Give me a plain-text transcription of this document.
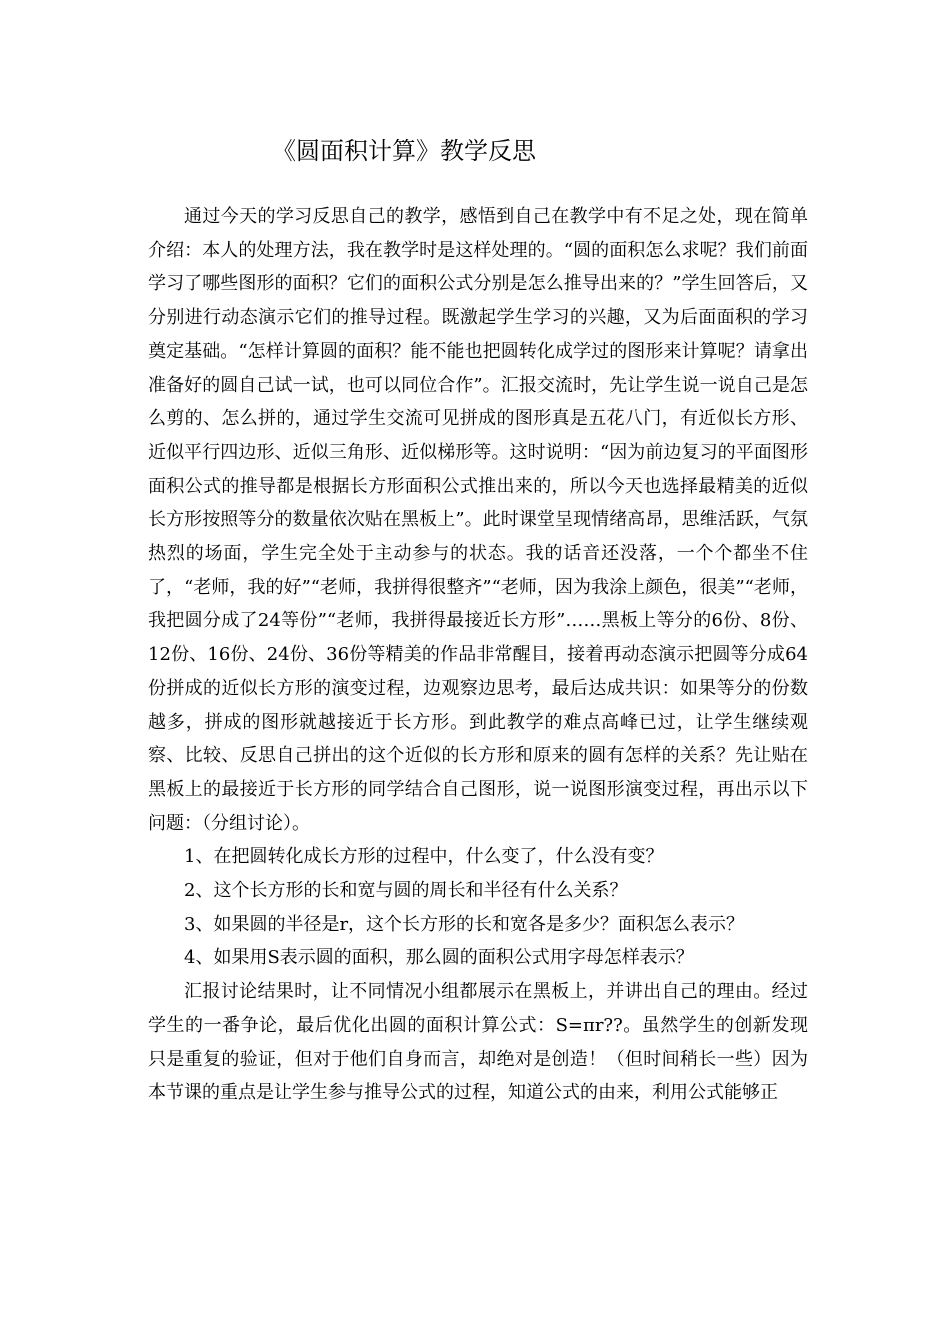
《圆面积计算》教学反思

通过今天的学习反思自己的教学，感悟到自己在教学中有不足之处，现在简单介绍：本人的处理方法，我在教学时是这样处理的。“圆的面积怎么求呢？我们前面学习了哪些图形的面积？它们的面积公式分别是怎么推导出来的？”学生回答后，又分别进行动态演示它们的推导过程。既激起学生学习的兴趣，又为后面面积的学习奠定基础。“怎样计算圆的面积？能不能也把圆转化成学过的图形来计算呢？请拿出准备好的圆自己试一试，也可以同位合作”。汇报交流时，先让学生说一说自己是怎么剪的、怎么拼的，通过学生交流可见拼成的图形真是五花八门，有近似长方形、近似平行四边形、近似三角形、近似梯形等。这时说明：“因为前边复习的平面图形面积公式的推导都是根据长方形面积公式推出来的，所以今天也选择最精美的近似长方形按照等分的数量依次贴在黑板上”。此时课堂呈现情绪高昂，思维活跃，气氛热烈的场面，学生完全处于主动参与的状态。我的话音还没落，一个个都坐不住了，“老师，我的好”“老师，我拼得很整齐”“老师，因为我涂上颜色，很美”“老师，我把圆分成了24等份”“老师，我拼得最接近长方形”……黑板上等分的6份、8份、12份、16份、24份、36份等精美的作品非常醒目，接着再动态演示把圆等分成64份拼成的近似长方形的演变过程，边观察边思考，最后达成共识：如果等分的份数越多，拼成的图形就越接近于长方形。到此教学的难点高峰已过，让学生继续观察、比较、反思自己拼出的这个近似的长方形和原来的圆有怎样的关系？先让贴在黑板上的最接近于长方形的同学结合自己图形，说一说图形演变过程，再出示以下问题：（分组讨论）。

1、在把圆转化成长方形的过程中，什么变了，什么没有变？

2、这个长方形的长和宽与圆的周长和半径有什么关系？

3、如果圆的半径是r，这个长方形的长和宽各是多少？面积怎么表示？

4、如果用S表示圆的面积，那么圆的面积公式用字母怎样表示？

汇报讨论结果时，让不同情况小组都展示在黑板上，并讲出自己的理由。经过学生的一番争论，最后优化出圆的面积计算公式：S=πr??。虽然学生的创新发现只是重复的验证，但对于他们自身而言，却绝对是创造！（但时间稍长一些）因为本节课的重点是让学生参与推导公式的过程，知道公式的由来，利用公式能够正
